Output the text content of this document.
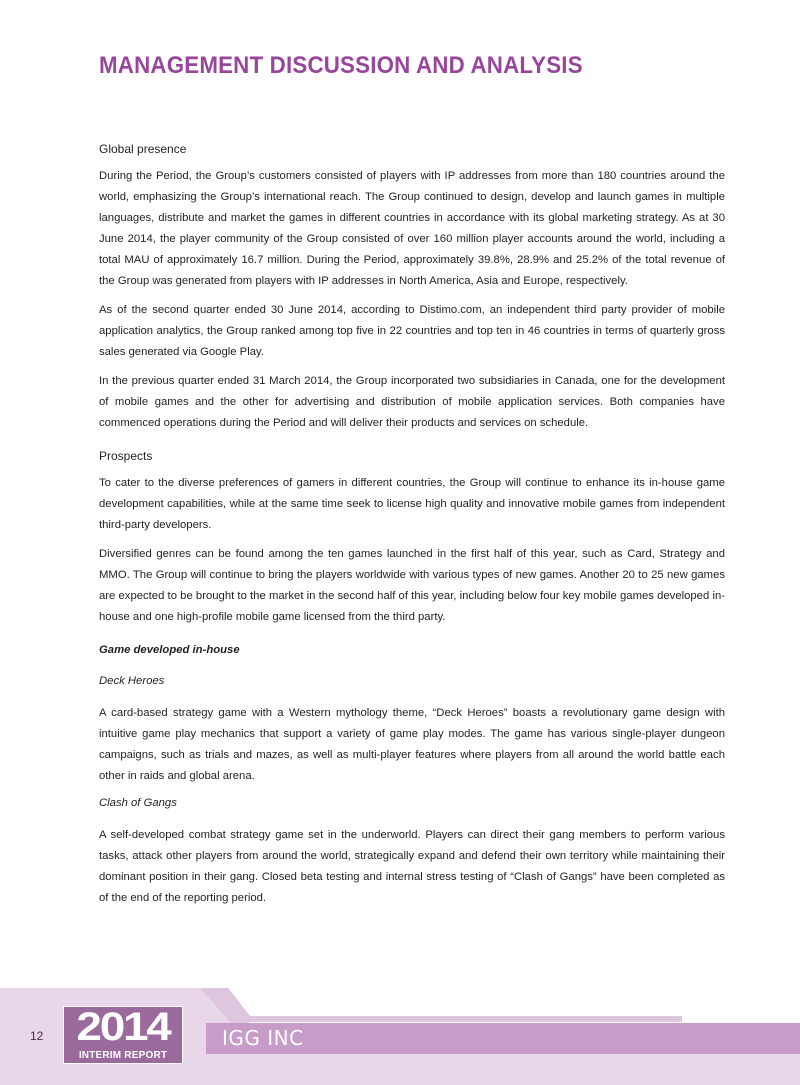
MANAGEMENT DISCUSSION AND ANALYSIS
Global presence

During the Period, the Group’s customers consisted of players with IP addresses from more than 180 countries around the world, emphasizing the Group’s international reach. The Group continued to design, develop and launch games in multiple languages, distribute and market the games in different countries in accordance with its global marketing strategy. As at 30 June 2014, the player community of the Group consisted of over 160 million player accounts around the world, including a total MAU of approximately 16.7 million. During the Period, approximately 39.8%, 28.9% and 25.2% of the total revenue of the Group was generated from players with IP addresses in North America, Asia and Europe, respectively.

As of the second quarter ended 30 June 2014, according to Distimo.com, an independent third party provider of mobile application analytics, the Group ranked among top five in 22 countries and top ten in 46 countries in terms of quarterly gross sales generated via Google Play.

In the previous quarter ended 31 March 2014, the Group incorporated two subsidiaries in Canada, one for the development of mobile games and the other for advertising and distribution of mobile application services. Both companies have commenced operations during the Period and will deliver their products and services on schedule.

Prospects

To cater to the diverse preferences of gamers in different countries, the Group will continue to enhance its in-house game development capabilities, while at the same time seek to license high quality and innovative mobile games from independent third-party developers.

Diversified genres can be found among the ten games launched in the first half of this year, such as Card, Strategy and MMO. The Group will continue to bring the players worldwide with various types of new games. Another 20 to 25 new games are expected to be brought to the market in the second half of this year, including below four key mobile games developed in-house and one high-profile mobile game licensed from the third party.

Game developed in-house
Deck Heroes

A card-based strategy game with a Western mythology theme, “Deck Heroes” boasts a revolutionary game design with intuitive game play mechanics that support a variety of game play modes. The game has various single-player dungeon campaigns, such as trials and mazes, as well as multi-player features where players from all around the world battle each other in raids and global arena.

Clash of Gangs

A self-developed combat strategy game set in the underworld. Players can direct their gang members to perform various tasks, attack other players from around the world, strategically expand and defend their own territory while maintaining their dominant position in their gang. Closed beta testing and internal stress testing of “Clash of Gangs” have been completed as of the end of the reporting period.

IGG INC
12 2014
INTERIM REPORT
